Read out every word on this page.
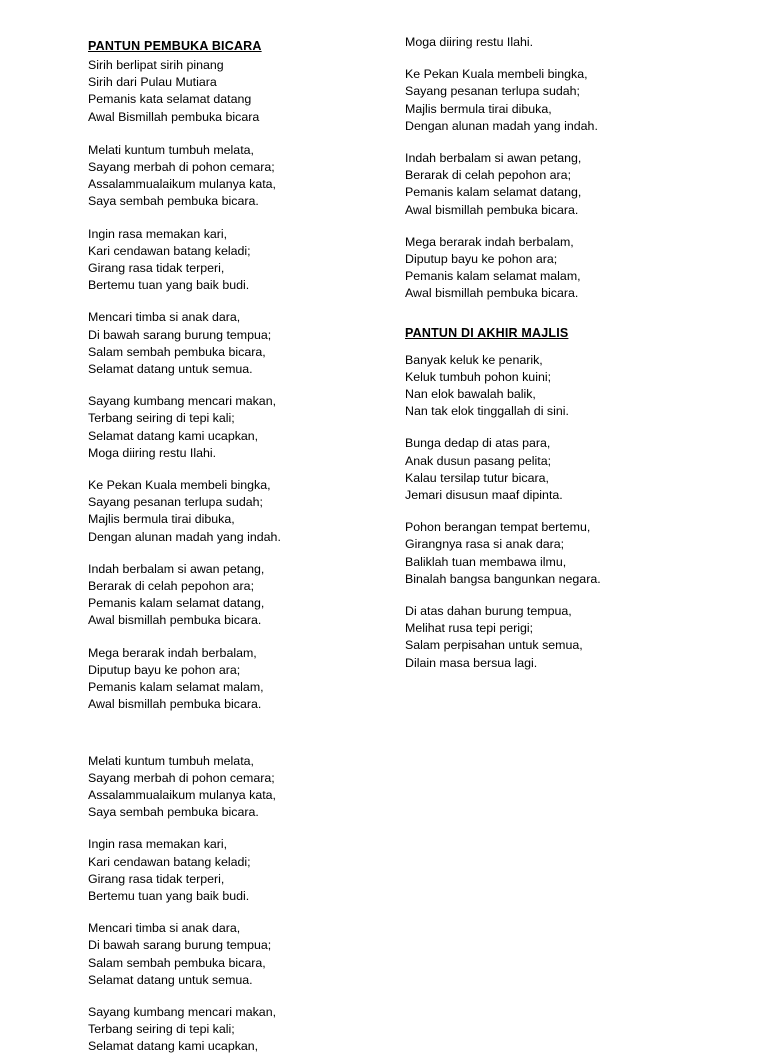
PANTUN PEMBUKA BICARA
Sirih berlipat sirih pinang
Sirih dari Pulau Mutiara
Pemanis kata selamat datang
Awal Bismillah pembuka bicara
Melati kuntum tumbuh melata,
Sayang merbah di pohon cemara;
Assalammualaikum mulanya kata,
Saya sembah pembuka bicara.
Ingin rasa memakan kari,
Kari cendawan batang keladi;
Girang rasa tidak terperi,
Bertemu tuan yang baik budi.
Mencari timba si anak dara,
Di bawah sarang burung tempua;
Salam sembah pembuka bicara,
Selamat datang untuk semua.
Sayang kumbang mencari makan,
Terbang seiring di tepi kali;
Selamat datang kami ucapkan,
Moga diiring restu Ilahi.
Ke Pekan Kuala membeli bingka,
Sayang pesanan terlupa sudah;
Majlis bermula tirai dibuka,
Dengan alunan madah yang indah.
Indah berbalam si awan petang,
Berarak di celah pepohon ara;
Pemanis kalam selamat datang,
Awal bismillah pembuka bicara.
Mega berarak indah berbalam,
Diputup bayu ke pohon ara;
Pemanis kalam selamat malam,
Awal bismillah pembuka bicara.
Melati kuntum tumbuh melata,
Sayang merbah di pohon cemara;
Assalammualaikum mulanya kata,
Saya sembah pembuka bicara.
Ingin rasa memakan kari,
Kari cendawan batang keladi;
Girang rasa tidak terperi,
Bertemu tuan yang baik budi.
Mencari timba si anak dara,
Di bawah sarang burung tempua;
Salam sembah pembuka bicara,
Selamat datang untuk semua.
Sayang kumbang mencari makan,
Terbang seiring di tepi kali;
Selamat datang kami ucapkan,
Moga diiring restu Ilahi.
Ke Pekan Kuala membeli bingka,
Sayang pesanan terlupa sudah;
Majlis bermula tirai dibuka,
Dengan alunan madah yang indah.
Indah berbalam si awan petang,
Berarak di celah pepohon ara;
Pemanis kalam selamat datang,
Awal bismillah pembuka bicara.
Mega berarak indah berbalam,
Diputup bayu ke pohon ara;
Pemanis kalam selamat malam,
Awal bismillah pembuka bicara.
PANTUN DI AKHIR MAJLIS
Banyak keluk ke penarik,
Keluk tumbuh pohon kuini;
Nan elok bawalah balik,
Nan tak elok tinggallah di sini.
Bunga dedap di atas para,
Anak dusun pasang pelita;
Kalau tersilap tutur bicara,
Jemari disusun maaf dipinta.
Pohon berangan tempat bertemu,
Girangnya rasa si anak dara;
Baliklah tuan membawa ilmu,
Binalah bangsa bangunkan negara.
Di atas dahan burung tempua,
Melihat rusa tepi perigi;
Salam perpisahan untuk semua,
Dilain masa bersua lagi.
